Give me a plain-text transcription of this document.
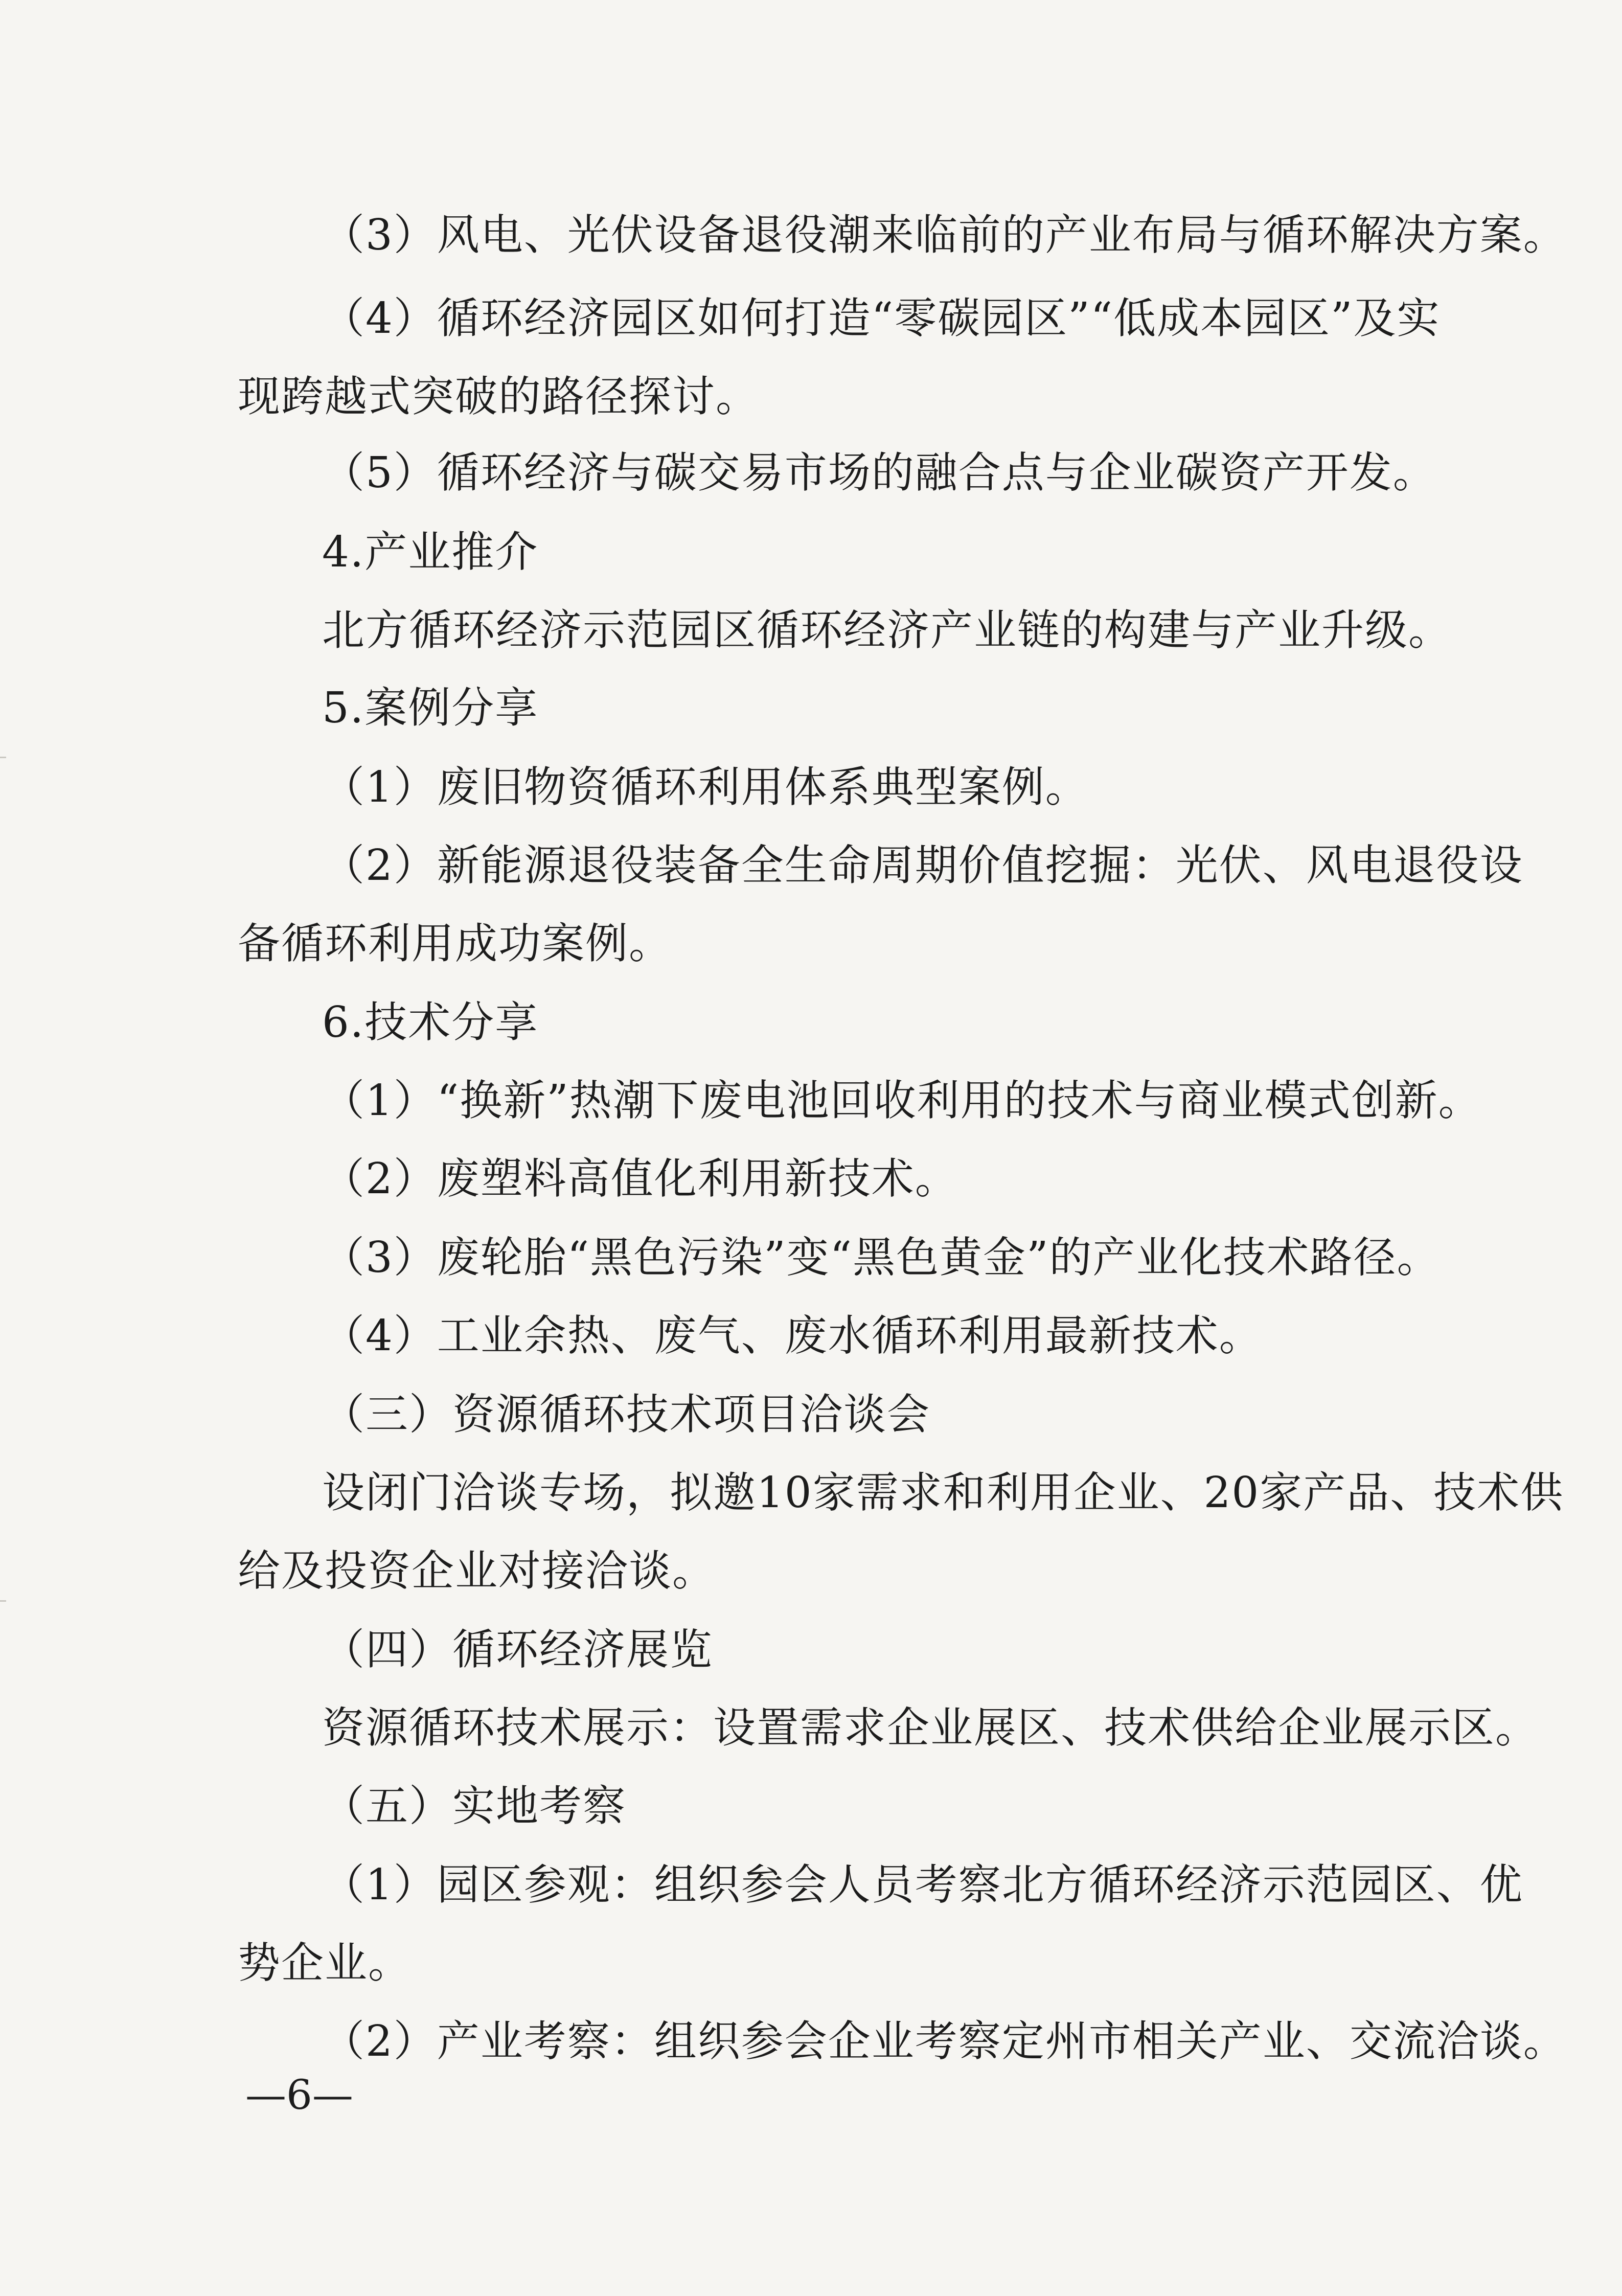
（3）风电、光伏设备退役潮来临前的产业布局与循环解决方案。
（4）循环经济园区如何打造“零碳园区”“低成本园区”及实
现跨越式突破的路径探讨。
（5）循环经济与碳交易市场的融合点与企业碳资产开发。
4.产业推介
北方循环经济示范园区循环经济产业链的构建与产业升级。
5.案例分享
（1）废旧物资循环利用体系典型案例。
（2）新能源退役装备全生命周期价值挖掘：光伏、风电退役设
备循环利用成功案例。
6.技术分享
（1）“换新”热潮下废电池回收利用的技术与商业模式创新。
（2）废塑料高值化利用新技术。
（3）废轮胎“黑色污染”变“黑色黄金”的产业化技术路径。
（4）工业余热、废气、废水循环利用最新技术。
（三）资源循环技术项目洽谈会
设闭门洽谈专场，拟邀10家需求和利用企业、20家产品、技术供
给及投资企业对接洽谈。
（四）循环经济展览
资源循环技术展示：设置需求企业展区、技术供给企业展示区。
（五）实地考察
（1）园区参观：组织参会人员考察北方循环经济示范园区、优
势企业。
（2）产业考察：组织参会企业考察定州市相关产业、交流洽谈。
—6—
